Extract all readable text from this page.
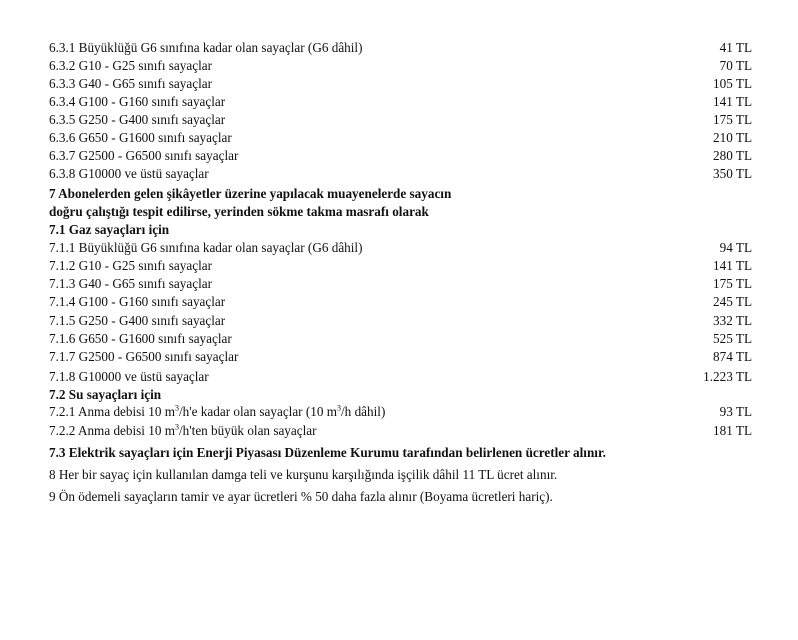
6.3.1 Büyüklüğü G6 sınıfına kadar olan sayaçlar (G6 dâhil)	41 TL
6.3.2 G10 - G25 sınıfı sayaçlar	70 TL
6.3.3 G40 - G65 sınıfı sayaçlar	105 TL
6.3.4 G100 - G160 sınıfı sayaçlar	141 TL
6.3.5 G250 - G400 sınıfı sayaçlar	175 TL
6.3.6 G650 - G1600 sınıfı sayaçlar	210 TL
6.3.7 G2500 - G6500 sınıfı sayaçlar	280 TL
6.3.8 G10000 ve üstü sayaçlar	350 TL
7 Abonelerden gelen şikâyetler üzerine yapılacak muayenelerde sayacın
doğru çalıştığı tespit edilirse, yerinden sökme takma masrafı olarak
7.1 Gaz sayaçları için
7.1.1 Büyüklüğü G6 sınıfına kadar olan sayaçlar (G6 dâhil)	94 TL
7.1.2 G10 - G25 sınıfı sayaçlar	141 TL
7.1.3 G40 - G65 sınıfı sayaçlar	175 TL
7.1.4 G100 - G160 sınıfı sayaçlar	245 TL
7.1.5 G250 - G400 sınıfı sayaçlar	332 TL
7.1.6 G650 - G1600 sınıfı sayaçlar	525 TL
7.1.7 G2500 - G6500 sınıfı sayaçlar	874 TL
7.1.8 G10000 ve üstü sayaçlar	1.223 TL
7.2 Su sayaçları için
7.2.1 Anma debisi 10 $m^3/h'e$ kadar olan sayaçlar (10 $m^3/h$ dâhil)	93 TL
7.2.2 Anma debisi 10 $m^3/h'ten$ büyük olan sayaçlar	181 TL
7.3 Elektrik sayaçları için Enerji Piyasası Düzenleme Kurumu tarafından belirlenen ücretler alınır.
8 Her bir sayaç için kullanılan damga teli ve kurşunu karşılığında işçilik dâhil 11 TL ücret alınır.
9 Ön ödemeli sayaçların tamir ve ayar ücretleri % 50 daha fazla alınır (Boyama ücretleri hariç).
